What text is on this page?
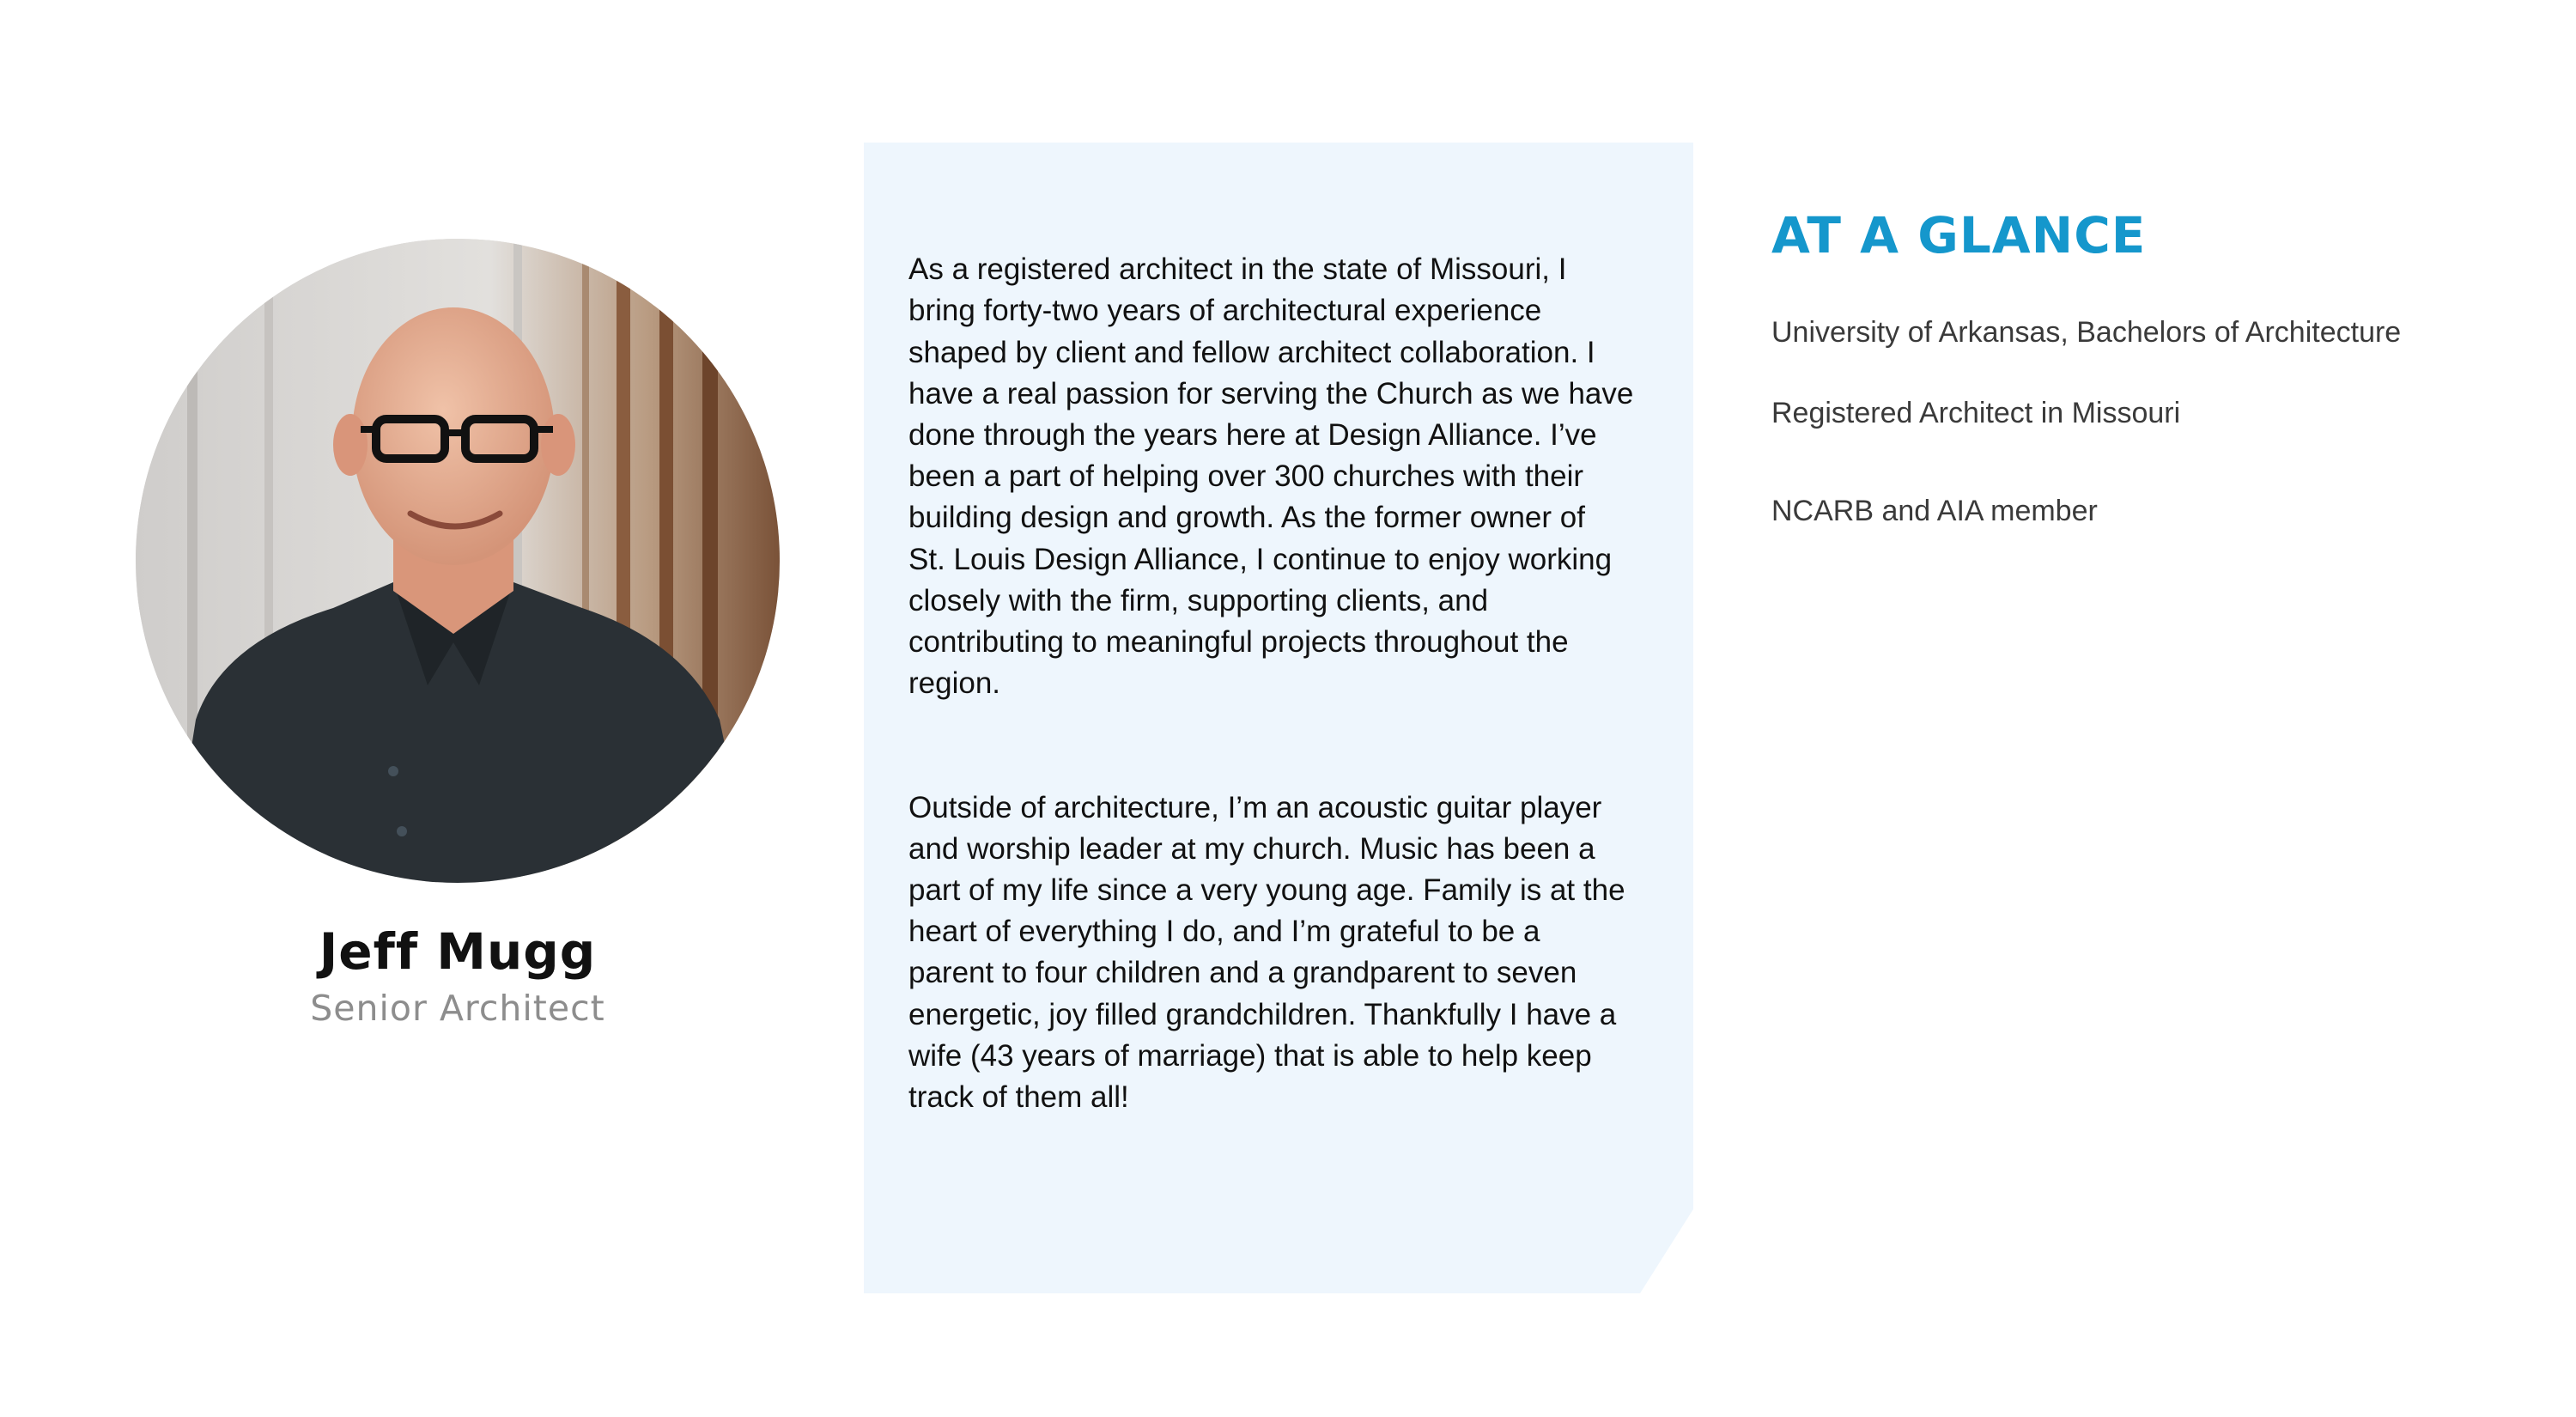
Jeff Mugg
Senior Architect

As a registered architect in the state of Missouri, I
bring forty-two years of architectural experience
shaped by client and fellow architect collaboration. I
have a real passion for serving the Church as we have
done through the years here at Design Alliance. I’ve
been a part of helping over 300 churches with their
building design and growth. As the former owner of
St. Louis Design Alliance, I continue to enjoy working
closely with the firm, supporting clients, and
contributing to meaningful projects throughout the
region.

Outside of architecture, I’m an acoustic guitar player
and worship leader at my church. Music has been a
part of my life since a very young age. Family is at the
heart of everything I do, and I’m grateful to be a
parent to four children and a grandparent to seven
energetic, joy filled grandchildren. Thankfully I have a
wife (43 years of marriage) that is able to help keep
track of them all!

AT A GLANCE
University of Arkansas, Bachelors of Architecture
Registered Architect in Missouri
NCARB and AIA member
